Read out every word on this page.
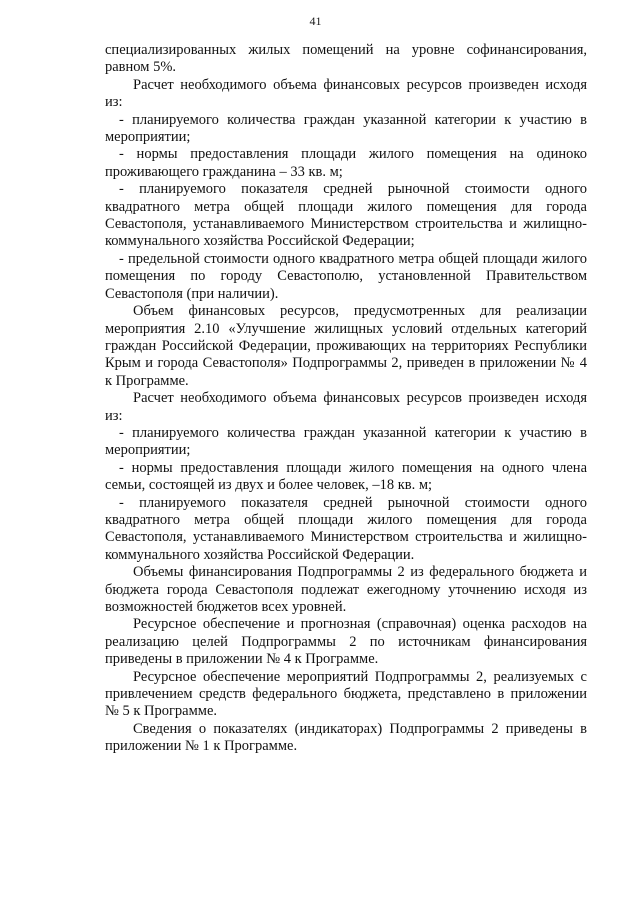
41

специализированных жилых помещений на уровне софинансирования, равном 5%.

Расчет необходимого объема финансовых ресурсов произведен исходя из:

- планируемого количества граждан указанной категории к участию в мероприятии;

- нормы предоставления площади жилого помещения на одиноко проживающего гражданина – 33 кв. м;

- планируемого показателя средней рыночной стоимости одного квадратного метра общей площади жилого помещения для города Севастополя, устанавливаемого Министерством строительства и жилищно-коммунального хозяйства Российской Федерации;

- предельной стоимости одного квадратного метра общей площади жилого помещения по городу Севастополю, установленной Правительством Севастополя (при наличии).

Объем финансовых ресурсов, предусмотренных для реализации мероприятия 2.10 «Улучшение жилищных условий отдельных категорий граждан Российской Федерации, проживающих на территориях Республики Крым и города Севастополя» Подпрограммы 2, приведен в приложении № 4 к Программе.

Расчет необходимого объема финансовых ресурсов произведен исходя из:

- планируемого количества граждан указанной категории к участию в мероприятии;

- нормы предоставления площади жилого помещения на одного члена семьи, состоящей из двух и более человек, –18 кв. м;

- планируемого показателя средней рыночной стоимости одного квадратного метра общей площади жилого помещения для города Севастополя, устанавливаемого Министерством строительства и жилищно-коммунального хозяйства Российской Федерации.

Объемы финансирования Подпрограммы 2 из федерального бюджета и бюджета города Севастополя подлежат ежегодному уточнению исходя из возможностей бюджетов всех уровней.

Ресурсное обеспечение и прогнозная (справочная) оценка расходов на реализацию целей Подпрограммы 2 по источникам финансирования приведены в приложении № 4 к Программе.

Ресурсное обеспечение мероприятий Подпрограммы 2, реализуемых с привлечением средств федерального бюджета, представлено в приложении № 5 к Программе.

Сведения о показателях (индикаторах) Подпрограммы 2 приведены в приложении № 1 к Программе.
